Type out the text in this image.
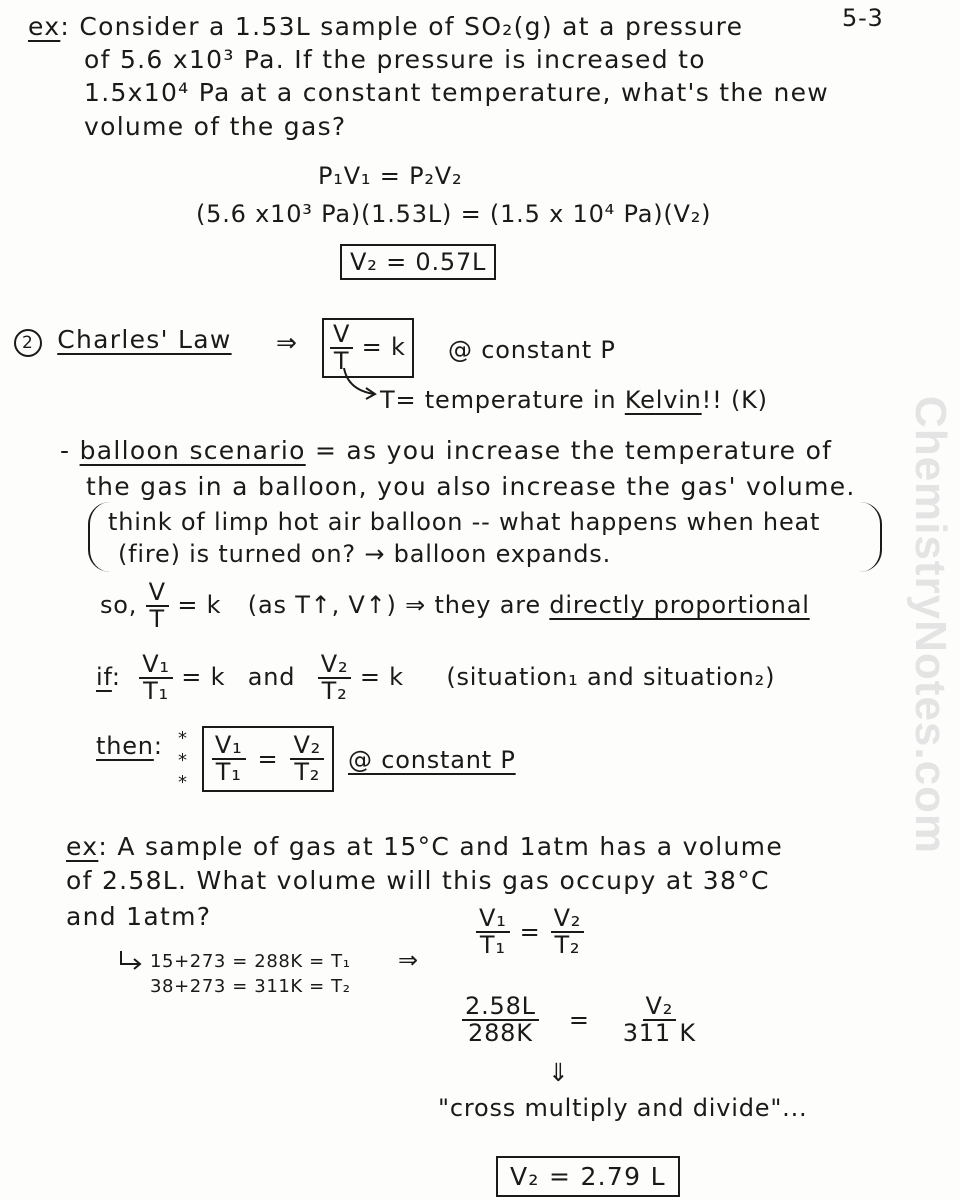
ChemistryNotes.com
5-3
ex: Consider a 1.53L sample of SO₂(g) at a pressure
of 5.6 x10³ Pa. If the pressure is increased to
1.5x10⁴ Pa at a constant temperature, what's the new
volume of the gas?
P₁V₁ = P₂V₂
(5.6 x10³ Pa)(1.53L) = (1.5 x 10⁴ Pa)(V₂)
V₂ = 0.57L
2 Charles' Law ⇒ $\frac{V}{T} = k$	@ constant P
T= temperature in Kelvin!! (K)
- balloon scenario = as you increase the temperature of
the gas in a balloon, you also increase the gas' volume.
think of limp hot air balloon -- what happens when heat
(fire) is turned on? → balloon expands.
so, $\frac{V}{T} = k$ (as T↑, V↑) ⇒ they are directly proportional
if: $\frac{\text{V₁}}{\text{T₁}} = k$ and $\frac{\text{V₂}}{\text{T₂}} = k$ (situation₁ and situation₂)
then: *
*
* $\frac{\text{V₁}}{\text{T₁}} = \frac{\text{V₂}}{\text{T₂}}$ @ constant P
ex: A sample of gas at 15°C and 1atm has a volume
of 2.58L. What volume will this gas occupy at 38°C
and 1atm?	$\frac{\text{V₁}}{\text{T₁}} = \frac{\text{V₂}}{\text{T₂}}$
15+273 = 288K = T₁
38+273 = 311K = T₂
⇒
$\frac{2.58L}{288K} = \frac{\text{V₂}}{311 K}$
⇓
"cross multiply and divide"...
V₂ = 2.79 L
